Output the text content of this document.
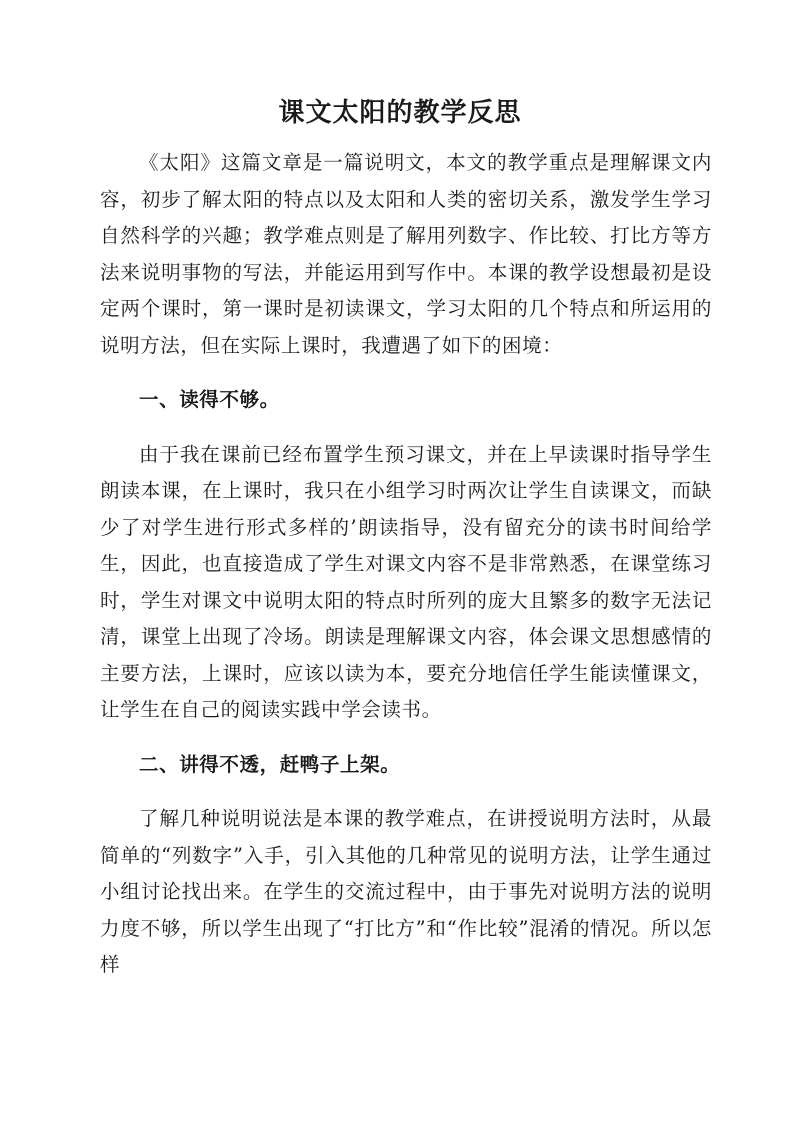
课文太阳的教学反思

《太阳》这篇文章是一篇说明文，本文的教学重点是理解课文内容，初步了解太阳的特点以及太阳和人类的密切关系，激发学生学习自然科学的兴趣；教学难点则是了解用列数字、作比较、打比方等方法来说明事物的写法，并能运用到写作中。本课的教学设想最初是设定两个课时，第一课时是初读课文，学习太阳的几个特点和所运用的说明方法，但在实际上课时，我遭遇了如下的困境：

一、读得不够。

由于我在课前已经布置学生预习课文，并在上早读课时指导学生朗读本课，在上课时，我只在小组学习时两次让学生自读课文，而缺少了对学生进行形式多样的’朗读指导，没有留充分的读书时间给学生，因此，也直接造成了学生对课文内容不是非常熟悉，在课堂练习时，学生对课文中说明太阳的特点时所列的庞大且繁多的数字无法记清，课堂上出现了冷场。朗读是理解课文内容，体会课文思想感情的主要方法，上课时，应该以读为本，要充分地信任学生能读懂课文，让学生在自己的阅读实践中学会读书。

二、讲得不透，赶鸭子上架。

了解几种说明说法是本课的教学难点，在讲授说明方法时，从最简单的“列数字”入手，引入其他的几种常见的说明方法，让学生通过小组讨论找出来。在学生的交流过程中，由于事先对说明方法的说明力度不够，所以学生出现了“打比方”和“作比较”混淆的情况。所以怎样
